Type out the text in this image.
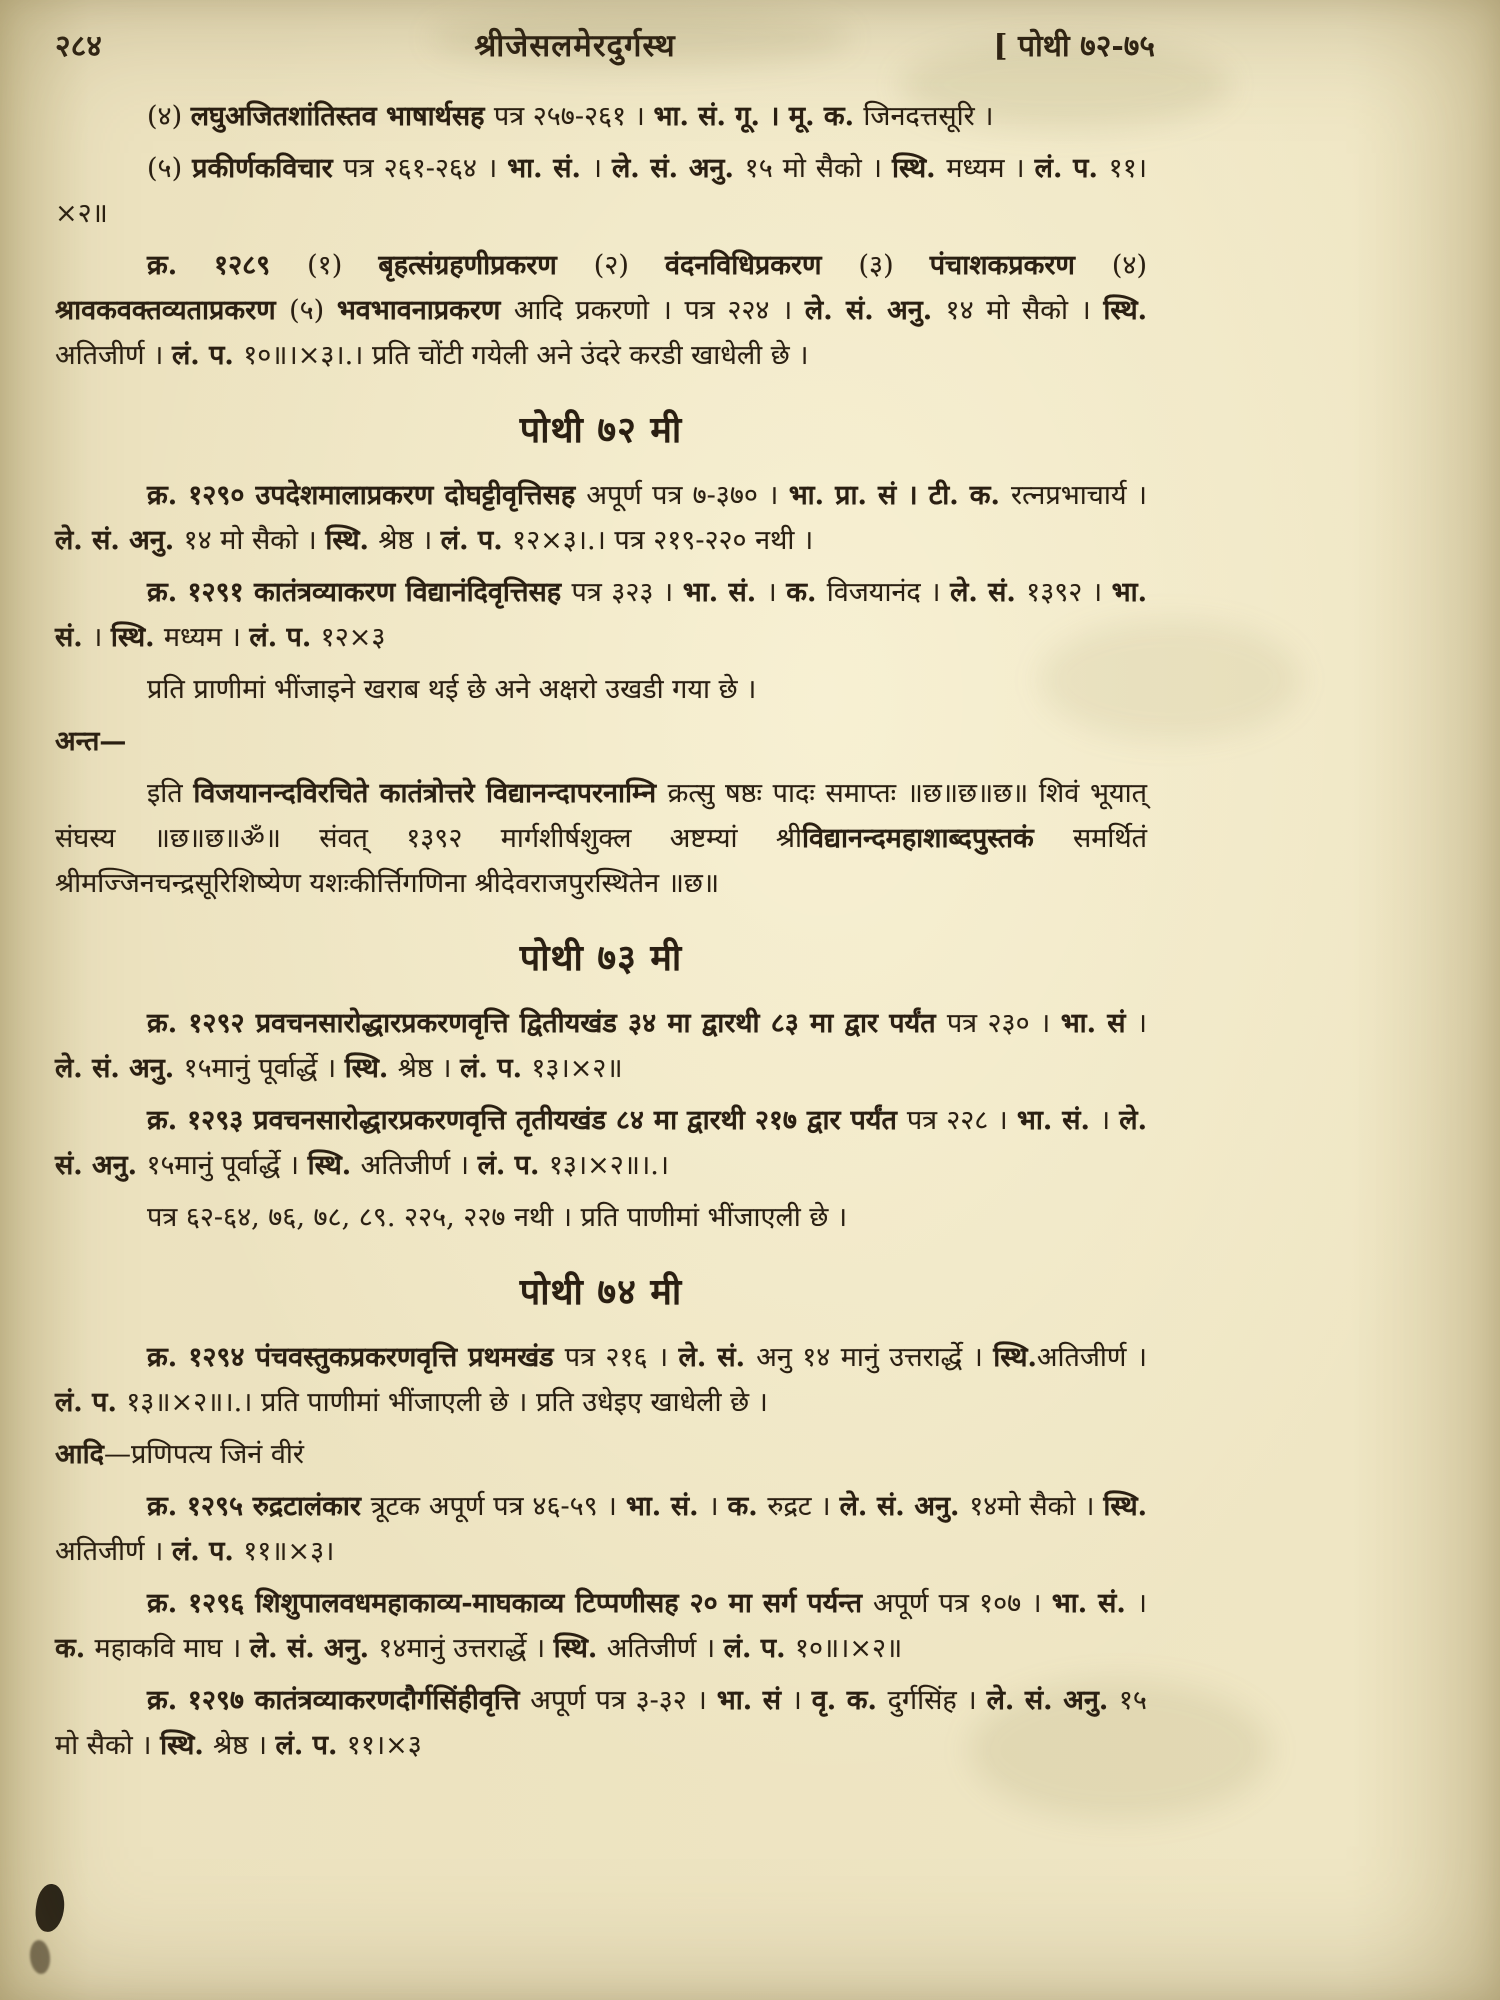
२८४	श्रीजेसलमेरदुर्गस्थ	[ पोथी ७२-७५

(४) लघुअजितशांतिस्तव भाषार्थसह पत्र २५७-२६१ । भा. सं. गू. । मू. क. जिनदत्तसूरि ।

(५) प्रकीर्णकविचार पत्र २६१-२६४ । भा. सं. । ले. सं. अनु. १५ मो सैको । स्थि. मध्यम । लं. प. ११।×२॥

क्र. १२८९ (१) बृहत्संग्रहणीप्रकरण (२) वंदनविधिप्रकरण (३) पंचाशकप्रकरण (४) श्रावकवक्तव्यताप्रकरण (५) भवभावनाप्रकरण आदि प्रकरणो । पत्र २२४ । ले. सं. अनु. १४ मो सैको । स्थि. अतिजीर्ण । लं. प. १०॥।×३।.। प्रति चोंटी गयेली अने उंदरे करडी खाधेली छे ।

पोथी ७२ मी

क्र. १२९० उपदेशमालाप्रकरण दोघट्टीवृत्तिसह अपूर्ण पत्र ७-३७० । भा. प्रा. सं । टी. क. रत्नप्रभाचार्य । ले. सं. अनु. १४ मो सैको । स्थि. श्रेष्ठ । लं. प. १२×३।.। पत्र २१९-२२० नथी ।

क्र. १२९१ कातंत्रव्याकरण विद्यानंदिवृत्तिसह पत्र ३२३ । भा. सं. । क. विजयानंद । ले. सं. १३९२ । भा. सं. । स्थि. मध्यम । लं. प. १२×३

प्रति प्राणीमां भींजाइने खराब थई छे अने अक्षरो उखडी गया छे ।

अन्त—

इति विजयानन्दविरचिते कातंत्रोत्तरे विद्यानन्दापरनाम्नि क्रत्सु षष्ठः पादः समाप्तः ॥छ॥छ॥छ॥ शिवं भूयात् संघस्य ॥छ॥छ॥ॐ॥ संवत् १३९२ मार्गशीर्षशुक्ल अष्टम्यां श्रीविद्यानन्दमहाशाब्दपुस्तकं समर्थितं श्रीमज्जिनचन्द्रसूरिशिष्येण यशःकीर्त्तिगणिना श्रीदेवराजपुरस्थितेन ॥छ॥

पोथी ७३ मी

क्र. १२९२ प्रवचनसारोद्धारप्रकरणवृत्ति द्वितीयखंड ३४ मा द्वारथी ८३ मा द्वार पर्यंत पत्र २३० । भा. सं । ले. सं. अनु. १५मानुं पूर्वार्द्धे । स्थि. श्रेष्ठ । लं. प. १३।×२॥

क्र. १२९३ प्रवचनसारोद्धारप्रकरणवृत्ति तृतीयखंड ८४ मा द्वारथी २१७ द्वार पर्यंत पत्र २२८ । भा. सं. । ले. सं. अनु. १५मानुं पूर्वार्द्धे । स्थि. अतिजीर्ण । लं. प. १३।×२॥।.।

पत्र ६२-६४, ७६, ७८, ८९. २२५, २२७ नथी । प्रति पाणीमां भींजाएली छे ।

पोथी ७४ मी

क्र. १२९४ पंचवस्तुकप्रकरणवृत्ति प्रथमखंड पत्र २१६ । ले. सं. अनु १४ मानुं उत्तरार्द्धे । स्थि.अतिजीर्ण । लं. प. १३॥×२॥।.। प्रति पाणीमां भींजाएली छे । प्रति उधेइए खाधेली छे ।

आदि—प्रणिपत्य जिनं वीरं

क्र. १२९५ रुद्रटालंकार त्रूटक अपूर्ण पत्र ४६-५९ । भा. सं. । क. रुद्रट । ले. सं. अनु. १४मो सैको । स्थि. अतिजीर्ण । लं. प. ११॥×३।

क्र. १२९६ शिशुपालवधमहाकाव्य-माघकाव्य टिप्पणीसह २० मा सर्ग पर्यन्त अपूर्ण पत्र १०७ । भा. सं. । क. महाकवि माघ । ले. सं. अनु. १४मानुं उत्तरार्द्धे । स्थि. अतिजीर्ण । लं. प. १०॥।×२॥

क्र. १२९७ कातंत्रव्याकरणदौर्गसिंहीवृत्ति अपूर्ण पत्र ३-३२ । भा. सं । वृ. क. दुर्गसिंह । ले. सं. अनु. १५ मो सैको । स्थि. श्रेष्ठ । लं. प. ११।×३
